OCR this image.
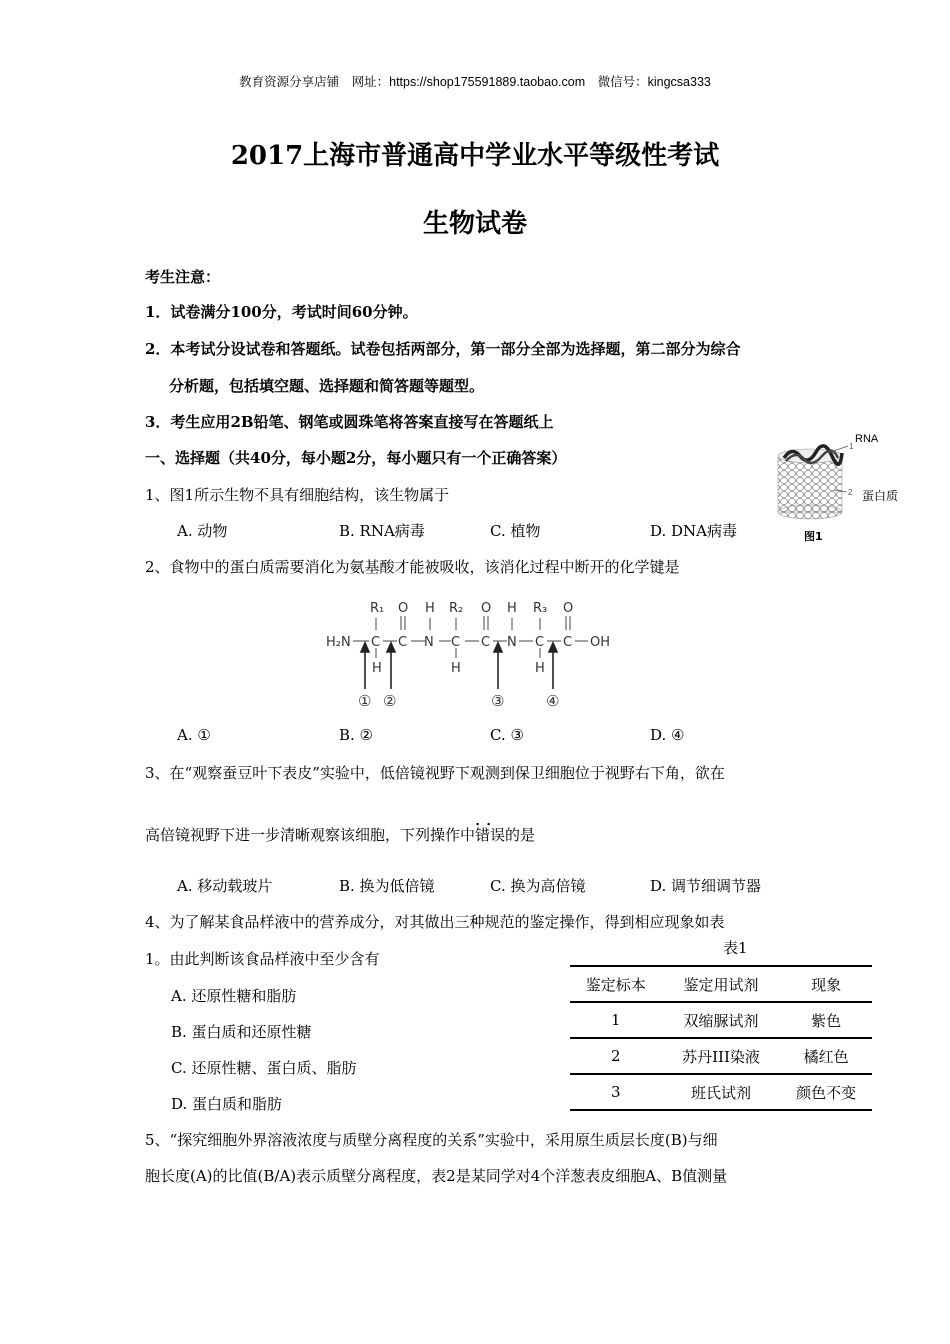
教育资源分享店铺　网址：https://shop175591889.taobao.com　微信号：kingcsa333
2017上海市普通高中学业水平等级性考试
生物试卷
考生注意：
1．试卷满分100分，考试时间60分钟。
2．本考试分设试卷和答题纸。试卷包括两部分，第一部分全部为选择题，第二部分为综合
分析题，包括填空题、选择题和简答题等题型。
3．考生应用2B铅笔、钢笔或圆珠笔将答案直接写在答题纸上
一、选择题（共40分，每小题2分，每小题只有一个正确答案）
1
RNA
2 蛋白质
图1
1、图1所示生物不具有细胞结构，该生物属于
A. 动物	B. RNA病毒	C. 植物	D. DNA病毒
2、食物中的蛋白质需要消化为氨基酸才能被吸收，该消化过程中断开的化学键是
H₂N C C N C C N C C OH
R₁	R₂	R₃
O	O	O
H	H
H	H	H
① ②	③	④
A. ①	B. ②	C. ③	D. ④
3、在“观察蚕豆叶下表皮”实验中，低倍镜视野下观测到保卫细胞位于视野右下角，欲在
高倍镜视野下进一步清晰观察该细胞，下列操作中
．．
错误的是
A. 移动载玻片	B. 换为低倍镜	C. 换为高倍镜	D. 调节细调节器
4、为了解某食品样液中的营养成分，对其做出三种规范的鉴定操作，得到相应现象如表
表1
1。由此判断该食品样液中至少含有
A. 还原性糖和脂肪
B. 蛋白质和还原性糖
C. 还原性糖、蛋白质、脂肪
D. 蛋白质和脂肪
鉴定标本	鉴定用试剂	现象
1	双缩脲试剂	紫色
2	苏丹III染液	橘红色
3	班氏试剂	颜色不变
5、“探究细胞外界溶液浓度与质壁分离程度的关系”实验中，采用原生质层长度(B)与细
胞长度(A)的比值(B/A)表示质壁分离程度，表2是某同学对4个洋葱表皮细胞A、B值测量
